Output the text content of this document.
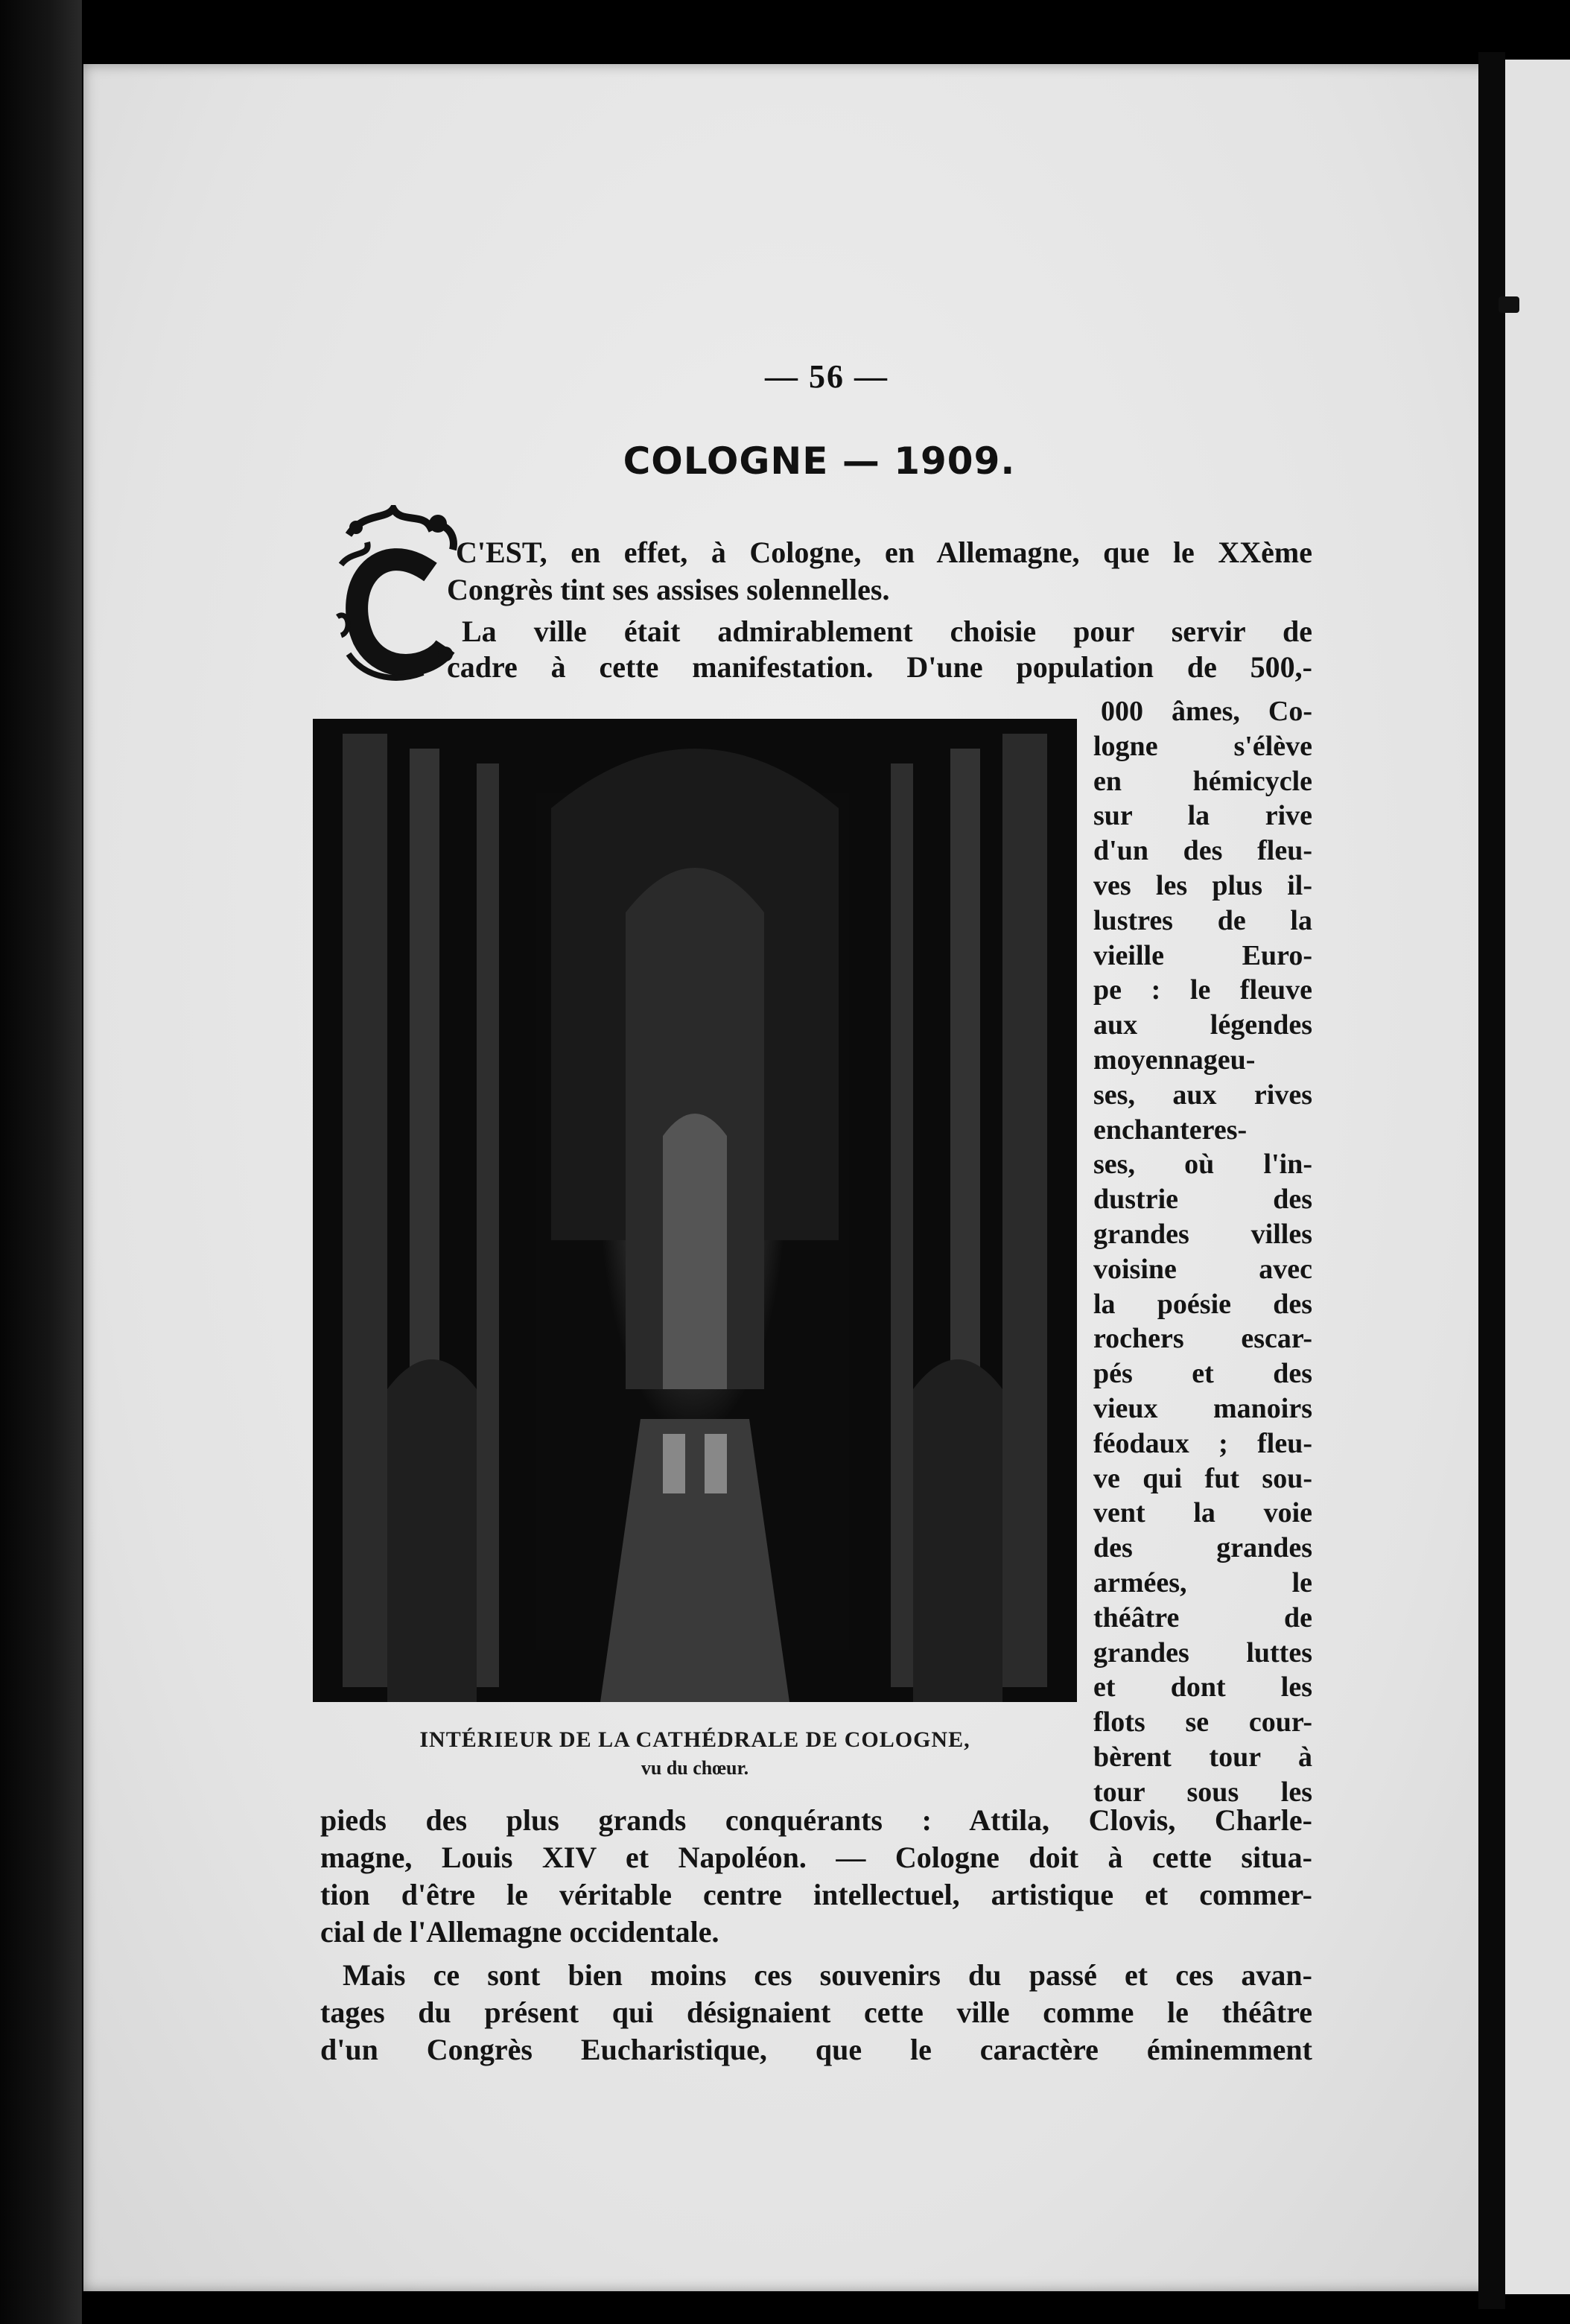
— 56 —
COLOGNE — 1909.
C'EST, en effet, à Cologne, en Allemagne, que le XXème
Congrès tint ses assises solennelles.
La ville était admirablement choisie pour servir de
cadre à cette manifestation. D'une population de 500,-
INTÉRIEUR DE LA CATHÉDRALE DE COLOGNE,
vu du chœur.
000 âmes, Co-
logne s'élève
en hémicycle
sur la rive
d'un des fleu-
ves les plus il-
lustres de la
vieille Euro-
pe : le fleuve
aux légendes
moyennageu-
ses, aux rives
enchanteres-
ses, où l'in-
dustrie des
grandes villes
voisine avec
la poésie des
rochers escar-
pés et des
vieux manoirs
féodaux ; fleu-
ve qui fut sou-
vent la voie
des grandes
armées, le
théâtre de
grandes luttes
et dont les
flots se cour-
bèrent tour à
tour sous les
pieds des plus grands conquérants : Attila, Clovis, Charle-
magne, Louis XIV et Napoléon. — Cologne doit à cette situa-
tion d'être le véritable centre intellectuel, artistique et commer-
cial de l'Allemagne occidentale.
Mais ce sont bien moins ces souvenirs du passé et ces avan-
tages du présent qui désignaient cette ville comme le théâtre
d'un Congrès Eucharistique, que le caractère éminemment
